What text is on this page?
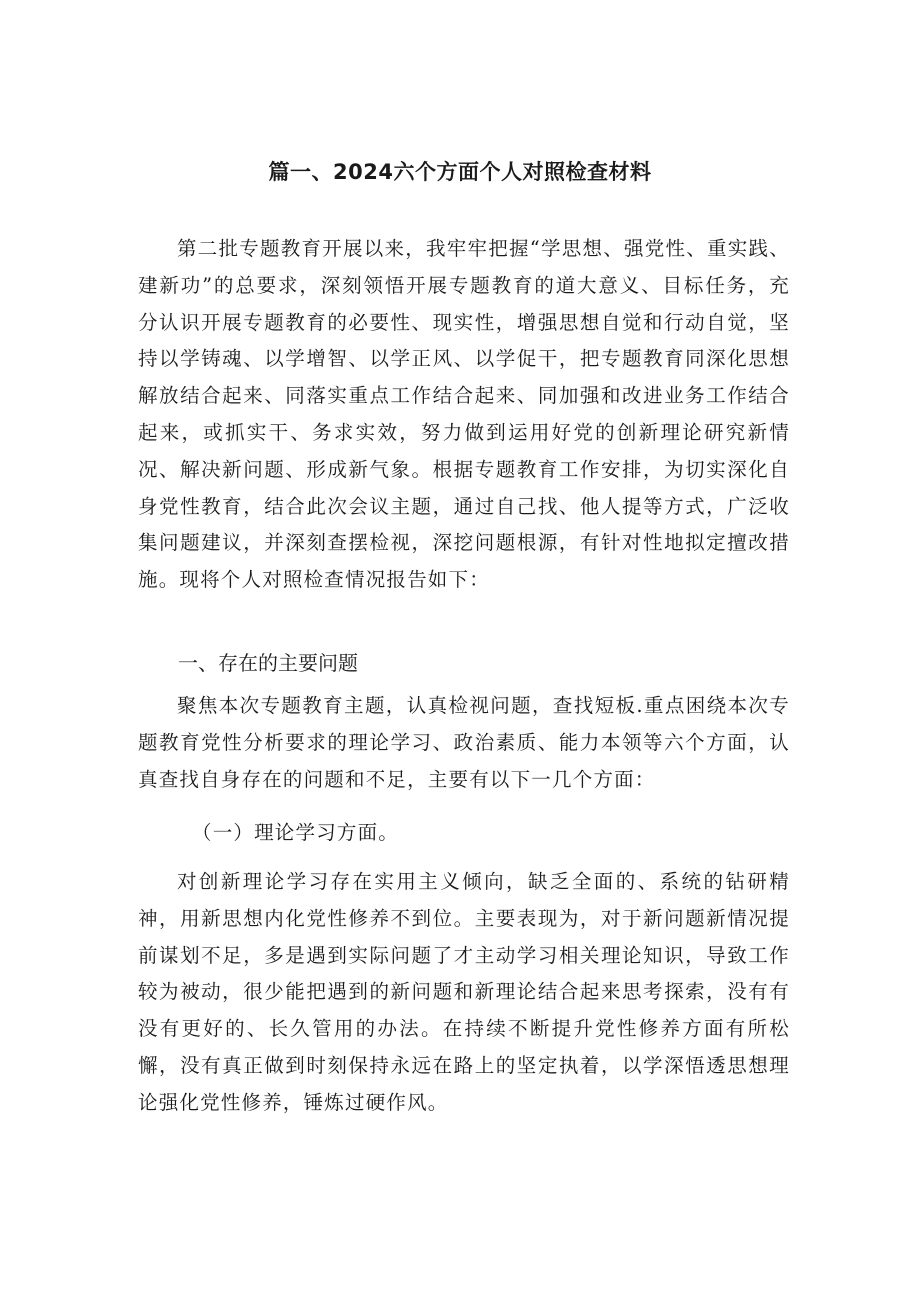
篇一、2024六个方面个人对照检查材料

第二批专题教育开展以来，我牢牢把握“学思想、强党性、重实践、建新功”的总要求，深刻领悟开展专题教育的道大意义、目标任务，充分认识开展专题教育的必要性、现实性，增强思想自觉和行动自觉，坚持以学铸魂、以学增智、以学正风、以学促干，把专题教育同深化思想解放结合起来、同落实重点工作结合起来、同加强和改进业务工作结合起来，或抓实干、务求实效，努力做到运用好党的创新理论研究新情况、解决新问题、形成新气象。根据专题教育工作安排，为切实深化自身党性教育，结合此次会议主题，通过自己找、他人提等方式，广泛收集问题建议，并深刻查摆检视，深挖问题根源，有针对性地拟定擅改措施。现将个人对照检查情况报告如下：

一、存在的主要问题

聚焦本次专题教育主题，认真检视问题，查找短板.重点困绕本次专题教育党性分析要求的理论学习、政治素质、能力本领等六个方面，认真查找自身存在的问题和不足，主要有以下一几个方面：

（一）理论学习方面。

对创新理论学习存在实用主义倾向，缺乏全面的、系统的钻研精神，用新思想内化党性修养不到位。主要表现为，对于新问题新情况提前谋划不足，多是遇到实际问题了才主动学习相关理论知识，导致工作较为被动，很少能把遇到的新问题和新理论结合起来思考探索，没有有没有更好的、长久管用的办法。在持续不断提升党性修养方面有所松懈，没有真正做到时刻保持永远在路上的坚定执着，以学深悟透思想理论强化党性修养，锤炼过硬作风。
